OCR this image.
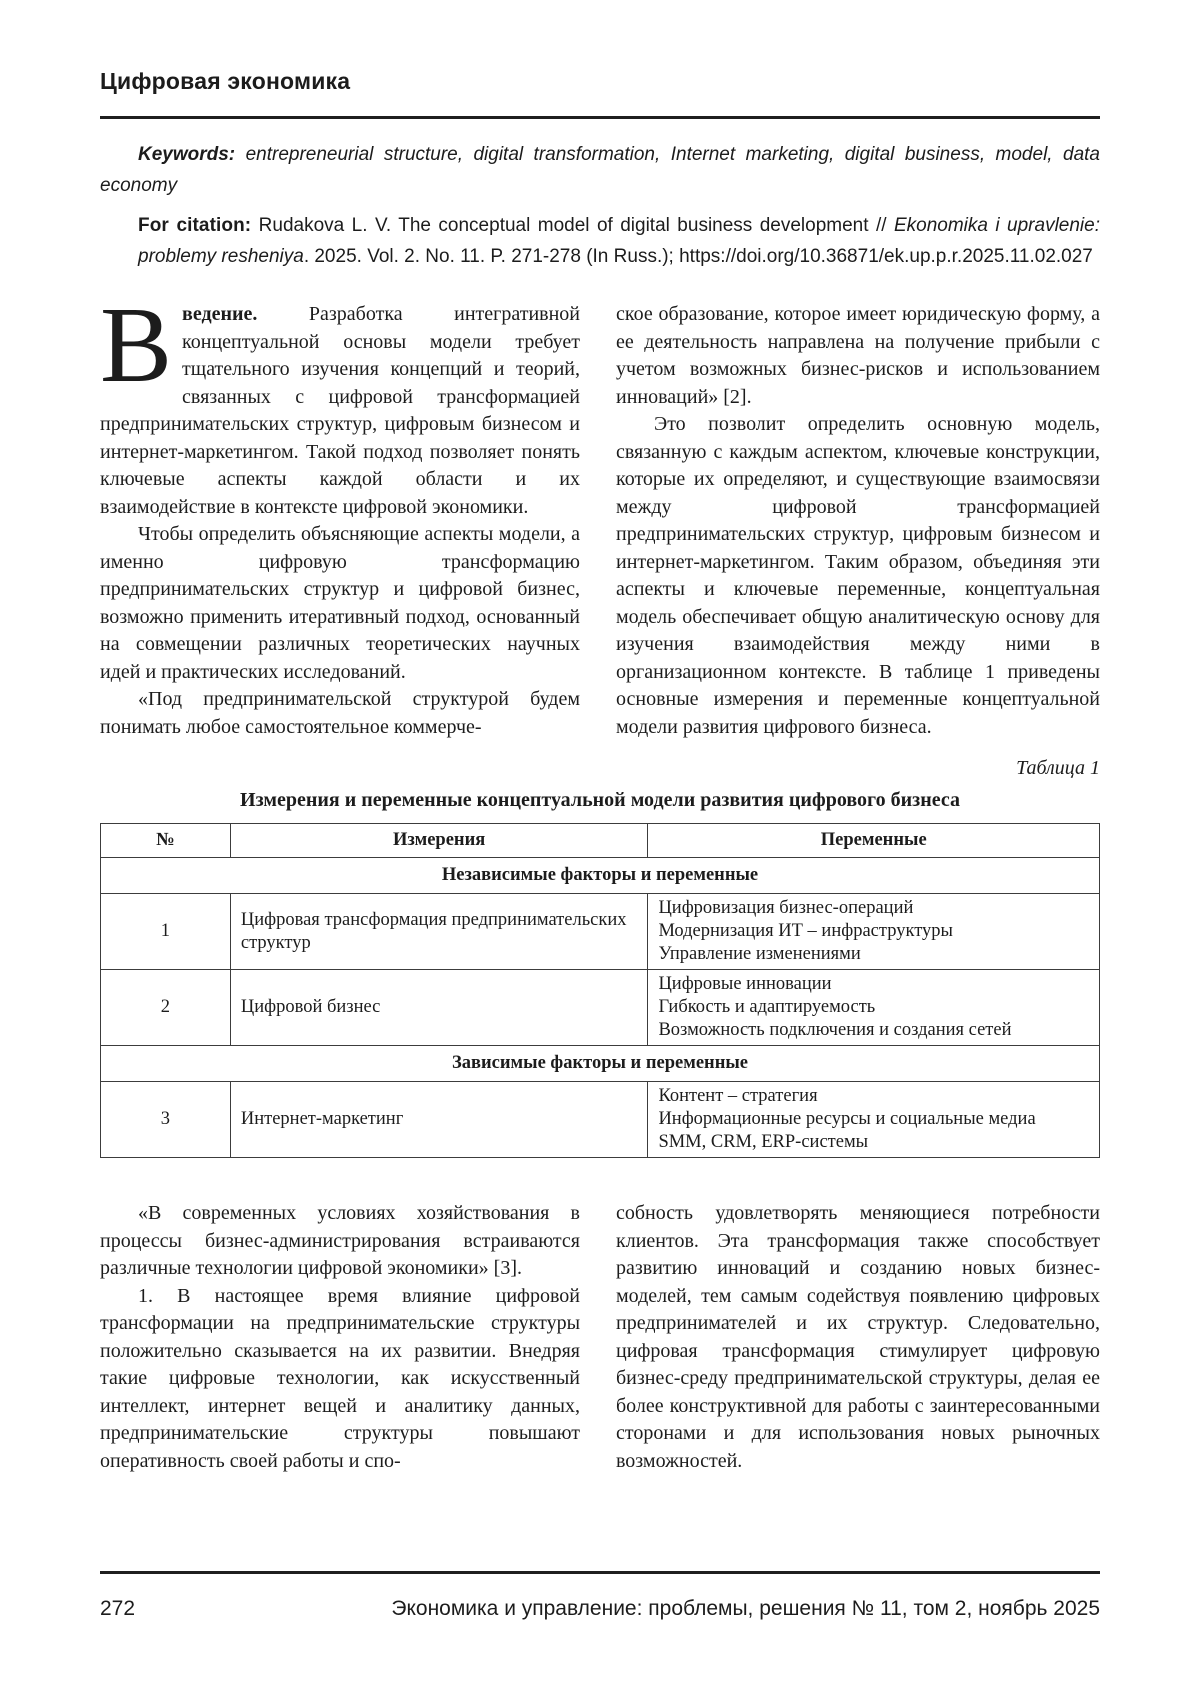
Цифровая экономика

Keywords: entrepreneurial structure, digital transformation, Internet marketing, digital business, model, data economy

For citation: Rudakova L. V. The conceptual model of digital business development // Ekonomika i upravlenie: problemy resheniya. 2025. Vol. 2. No. 11. P. 271-278 (In Russ.); https://doi.org/10.36871/ek.up.p.r.2025.11.02.027

Введение. Разработка интегративной концептуальной основы модели требует тщательного изучения концепций и теорий, связанных с цифровой трансформацией предпринимательских структур, цифровым бизнесом и интернет-маркетингом. Такой подход позволяет понять ключевые аспекты каждой области и их взаимодействие в контексте цифровой экономики.

Чтобы определить объясняющие аспекты модели, а именно цифровую трансформацию предпринимательских структур и цифровой бизнес, возможно применить итеративный подход, основанный на совмещении различных теоретических научных идей и практических исследований.

«Под предпринимательской структурой будем понимать любое самостоятельное коммерче-

ское образование, которое имеет юридическую форму, а ее деятельность направлена на получение прибыли с учетом возможных бизнес-рисков и использованием инноваций» [2].

Это позволит определить основную модель, связанную с каждым аспектом, ключевые конструкции, которые их определяют, и существующие взаимосвязи между цифровой трансформацией предпринимательских структур, цифровым бизнесом и интернет-маркетингом. Таким образом, объединяя эти аспекты и ключевые переменные, концептуальная модель обеспечивает общую аналитическую основу для изучения взаимодействия между ними в организационном контексте. В таблице 1 приведены основные измерения и переменные концептуальной модели развития цифрового бизнеса.

Таблица 1
Измерения и переменные концептуальной модели развития цифрового бизнеса
№	Измерения	Переменные
Независимые факторы и переменные		
1	Цифровая трансформация предпринимательских структур	Цифровизация бизнес-операций
Модернизация ИТ – инфраструктуры
Управление изменениями

2	Цифровой бизнес	Цифровые инновации
Гибкость и адаптируемость
Возможность подключения и создания сетей

Зависимые факторы и переменные		
3	Интернет-маркетинг	Контент – стратегия
Информационные ресурсы и социальные медиа
SMM, CRM, ERP-системы

«В современных условиях хозяйствования в процессы бизнес-администрирования встраиваются различные технологии цифровой экономики» [3].

1. В настоящее время влияние цифровой трансформации на предпринимательские структуры положительно сказывается на их развитии. Внедряя такие цифровые технологии, как искусственный интеллект, интернет вещей и аналитику данных, предпринимательские структуры повышают оперативность своей работы и спо-

собность удовлетворять меняющиеся потребности клиентов. Эта трансформация также способствует развитию инноваций и созданию новых бизнес-моделей, тем самым содействуя появлению цифровых предпринимателей и их структур. Следовательно, цифровая трансформация стимулирует цифровую бизнес-среду предпринимательской структуры, делая ее более конструктивной для работы с заинтересованными сторонами и для использования новых рыночных возможностей.

272	Экономика и управление: проблемы, решения № 11, том 2, ноябрь 2025
